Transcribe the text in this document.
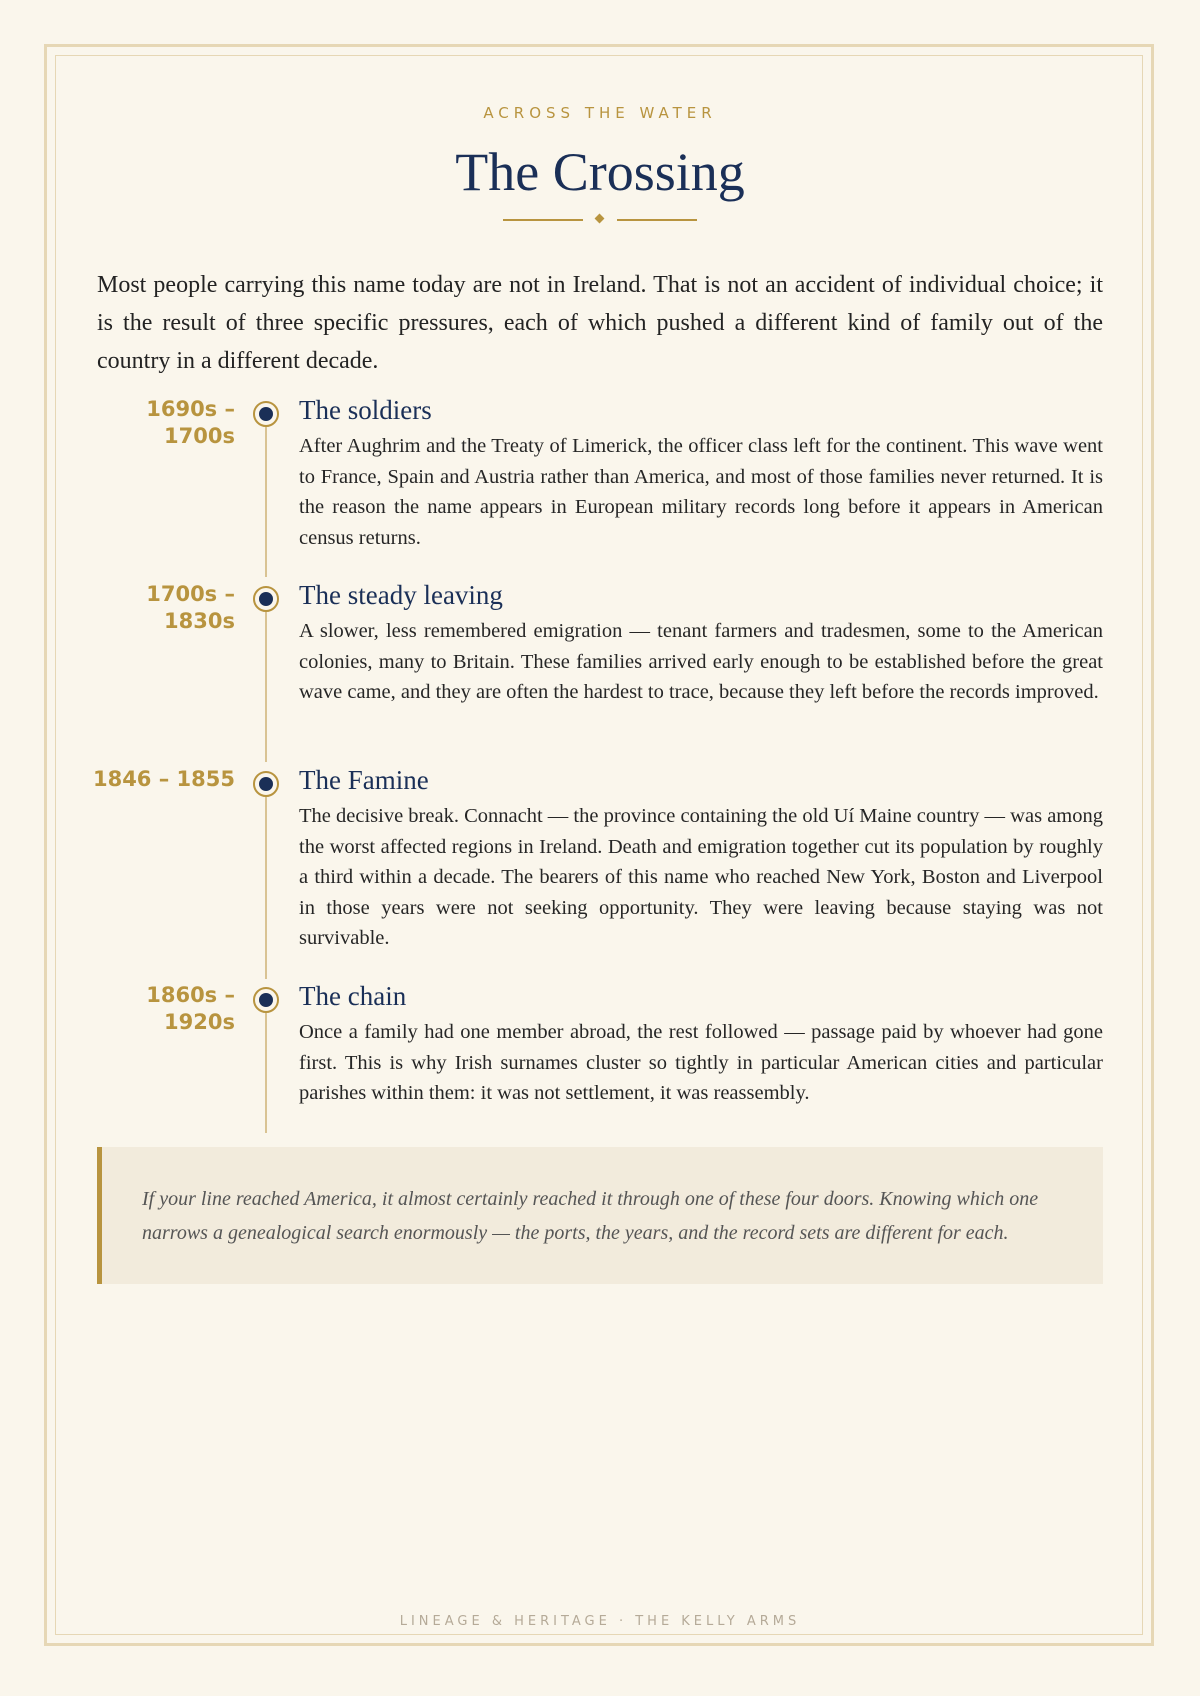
ACROSS THE WATER
The Crossing

Most people carrying this name today are not in Ireland. That is not an accident of individual choice; it is the result of three specific pressures, each of which pushed a different kind of family out of the country in a different decade.

1690s –
1700s
The soldiers

After Aughrim and the Treaty of Limerick, the officer class left for the continent. This wave went to France, Spain and Austria rather than America, and most of those families never returned. It is the reason the name appears in European military records long before it appears in American census returns.

1700s –
1830s
The steady leaving

A slower, less remembered emigration — tenant farmers and tradesmen, some to the American colonies, many to Britain. These families arrived early enough to be established before the great wave came, and they are often the hardest to trace, because they left before the records improved.

1846 – 1855 The Famine

The decisive break. Connacht — the province containing the old Uí Maine country — was among the worst affected regions in Ireland. Death and emigration together cut its population by roughly a third within a decade. The bearers of this name who reached New York, Boston and Liverpool in those years were not seeking opportunity. They were leaving because staying was not survivable.

1860s –
1920s
The chain

Once a family had one member abroad, the rest followed — passage paid by whoever had gone first. This is why Irish surnames cluster so tightly in particular American cities and particular parishes within them: it was not settlement, it was reassembly.

If your line reached America, it almost certainly reached it through one of these four doors. Knowing which one narrows a genealogical search enormously — the ports, the years, and the record sets are different for each.

LINEAGE & HERITAGE · THE KELLY ARMS
